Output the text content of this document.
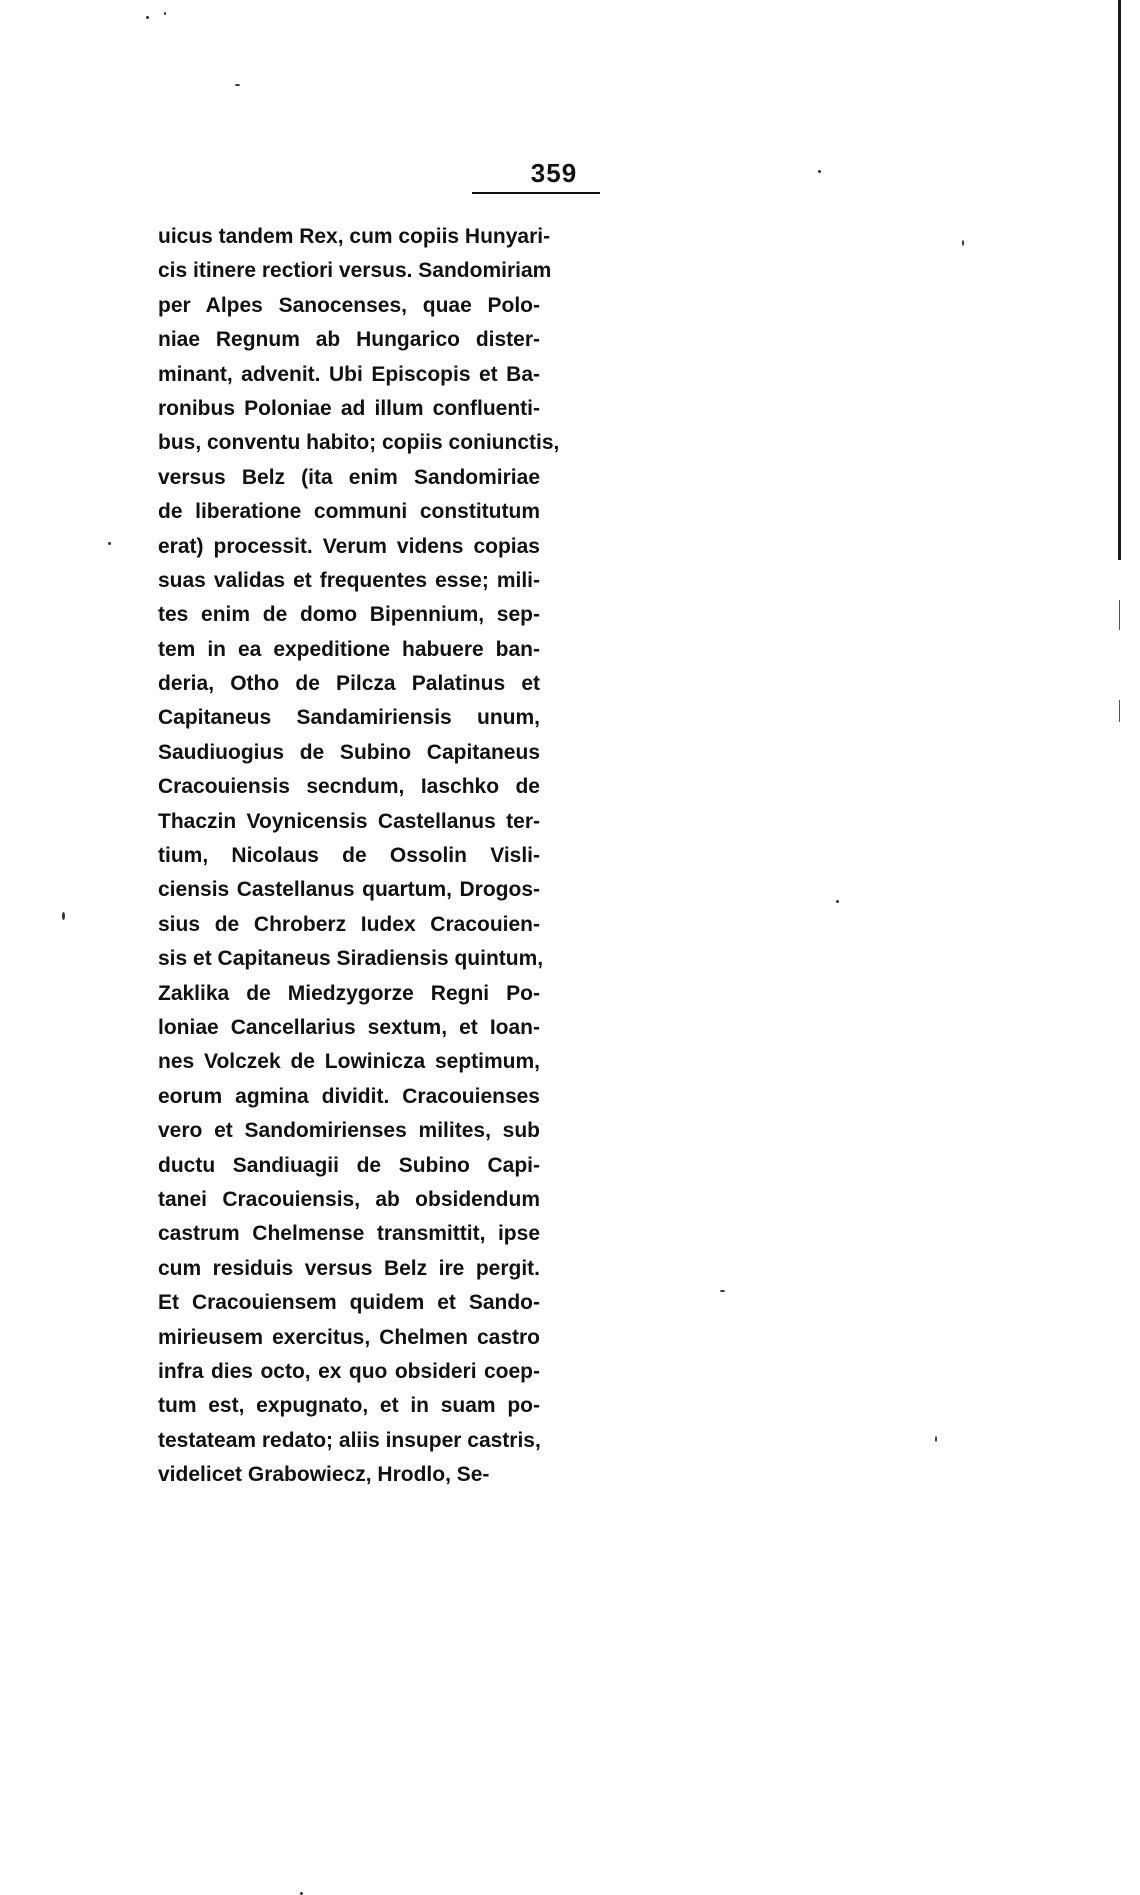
359
uicus tandem Rex, cum copiis Hunyari-
cis itinere rectiori versus. Sandomiriam
per Alpes Sanocenses, quae Polo-
niae Regnum ab Hungarico dister-
minant, advenit. Ubi Episcopis et Ba-
ronibus Poloniae ad illum confluenti-
bus, conventu habito; copiis coniunctis,
versus Belz (ita enim Sandomiriae
de liberatione communi constitutum
erat) processit. Verum videns copias
suas validas et frequentes esse; mili-
tes enim de domo Bipennium, sep-
tem in ea expeditione habuere ban-
deria, Otho de Pilcza Palatinus et
Capitaneus Sandamiriensis unum,
Saudiuogius de Subino Capitaneus
Cracouiensis secndum, Iaschko de
Thaczin Voynicensis Castellanus ter-
tium, Nicolaus de Ossolin Visli-
ciensis Castellanus quartum, Drogos-
sius de Chroberz Iudex Cracouien-
sis et Capitaneus Siradiensis quintum,
Zaklika de Miedzygorze Regni Po-
loniae Cancellarius sextum, et Ioan-
nes Volczek de Lowinicza septimum,
eorum agmina dividit. Cracouienses
vero et Sandomirienses milites, sub
ductu Sandiuagii de Subino Capi-
tanei Cracouiensis, ab obsidendum
castrum Chelmense transmittit, ipse
cum residuis versus Belz ire pergit.
Et Cracouiensem quidem et Sando-
mirieusem exercitus, Chelmen castro
infra dies octo, ex quo obsideri coep-
tum est, expugnato, et in suam po-
testateam redato; aliis insuper castris,
videlicet Grabowiecz, Hrodlo, Se-
